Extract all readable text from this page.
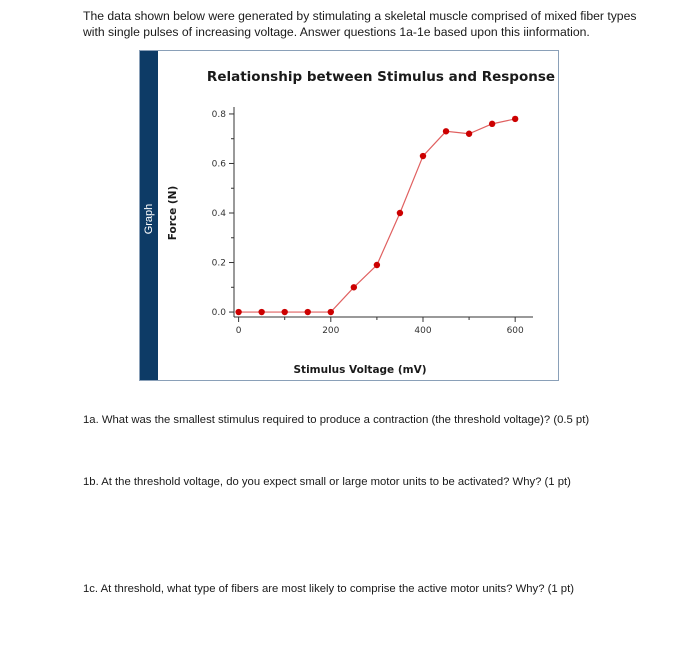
The data shown below were generated by stimulating a skeletal muscle comprised of mixed fiber types with single pulses of increasing voltage. Answer questions 1a-1e based upon this iinformation.

Graph
Relationship between Stimulus and Response
0.0
0.2
0.4
0.6
0.8
0	200	400	600
Stimulus Voltage (mV)
Force (N)

1a. What was the smallest stimulus required to produce a contraction (the threshold voltage)? (0.5 pt)

1b. At the threshold voltage, do you expect small or large motor units to be activated? Why? (1 pt)

1c. At threshold, what type of fibers are most likely to comprise the active motor units? Why? (1 pt)
